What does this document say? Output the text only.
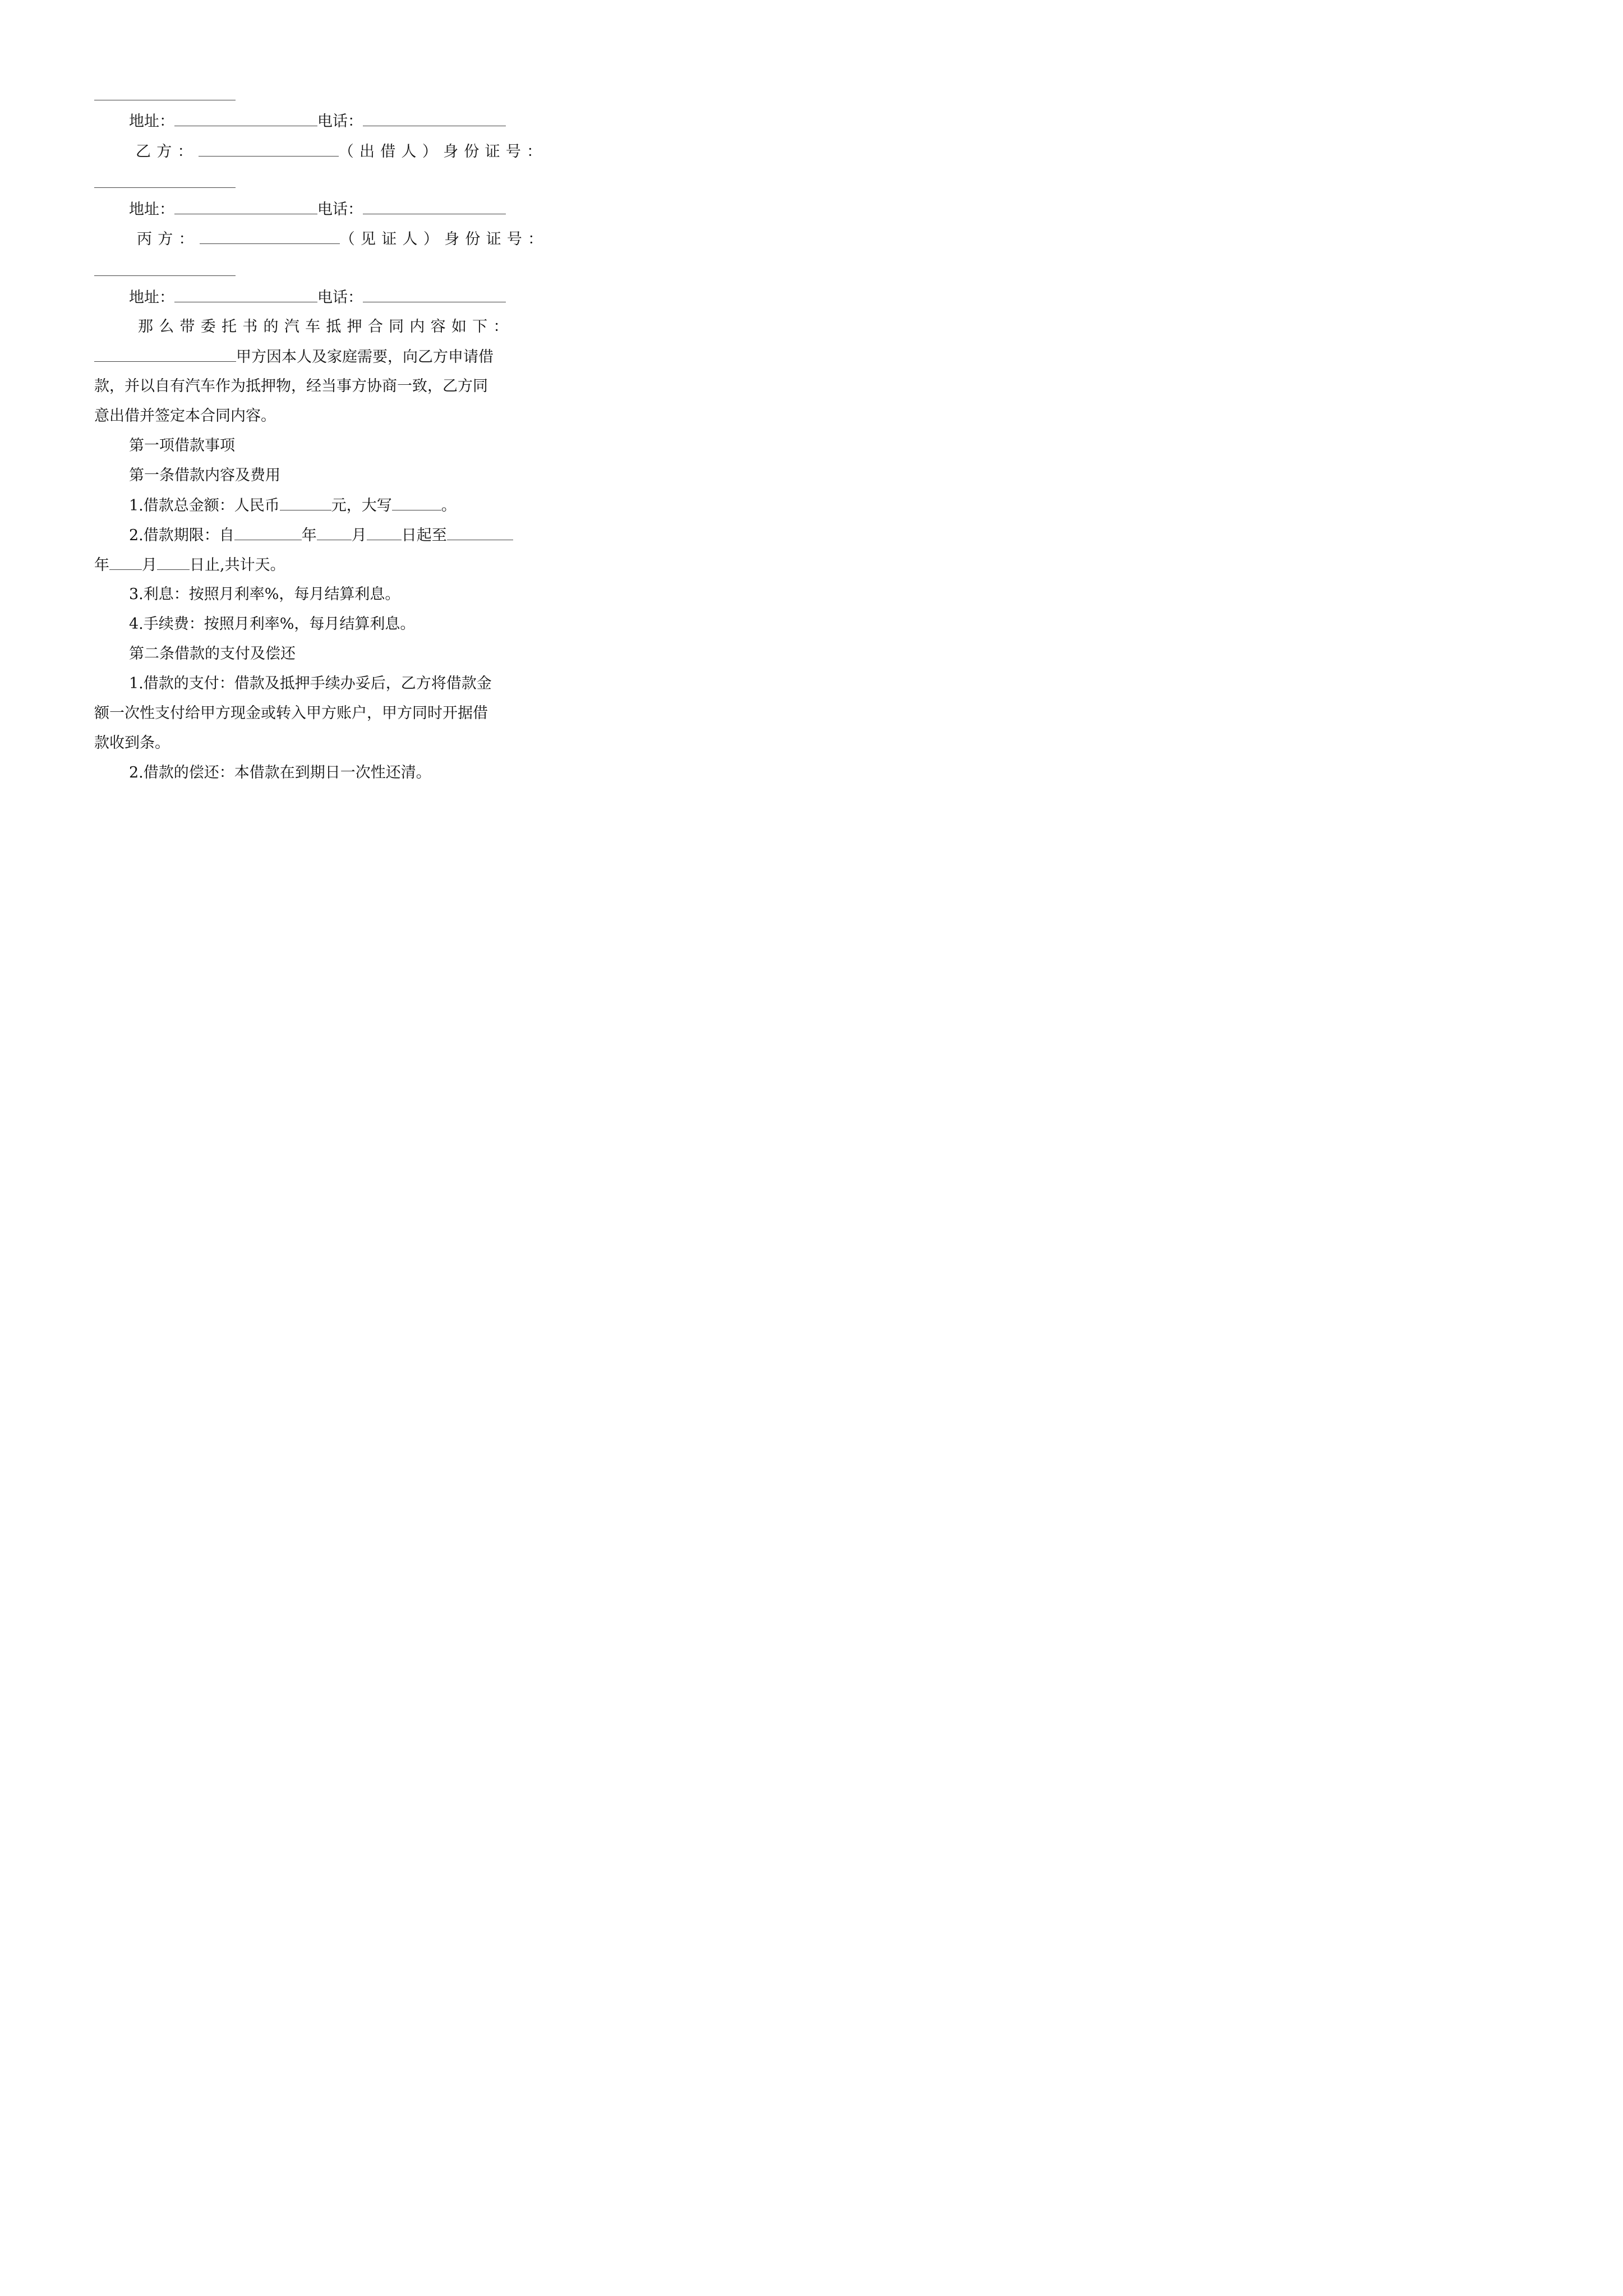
地址：	电话：
乙方：	（出借人）身份证号：
地址：	电话：
丙方：	（见证人）身份证号：
地址：	电话：
那么带委托书的汽车抵押合同内容如下：
甲方因本人及家庭需要，向乙方申请借
款，并以自有汽车作为抵押物，经当事方协商一致，乙方同
意出借并签定本合同内容。
第一项借款事项
第一条借款内容及费用
1.借款总金额：人民币	元，大写	。
2.借款期限：自	年 月 日起至
年 月 日止,共计天。
3.利息：按照月利率%，每月结算利息。
4.手续费：按照月利率%，每月结算利息。
第二条借款的支付及偿还
1.借款的支付：借款及抵押手续办妥后，乙方将借款金
额一次性支付给甲方现金或转入甲方账户，甲方同时开据借
款收到条。
2.借款的偿还：本借款在到期日一次性还清。
